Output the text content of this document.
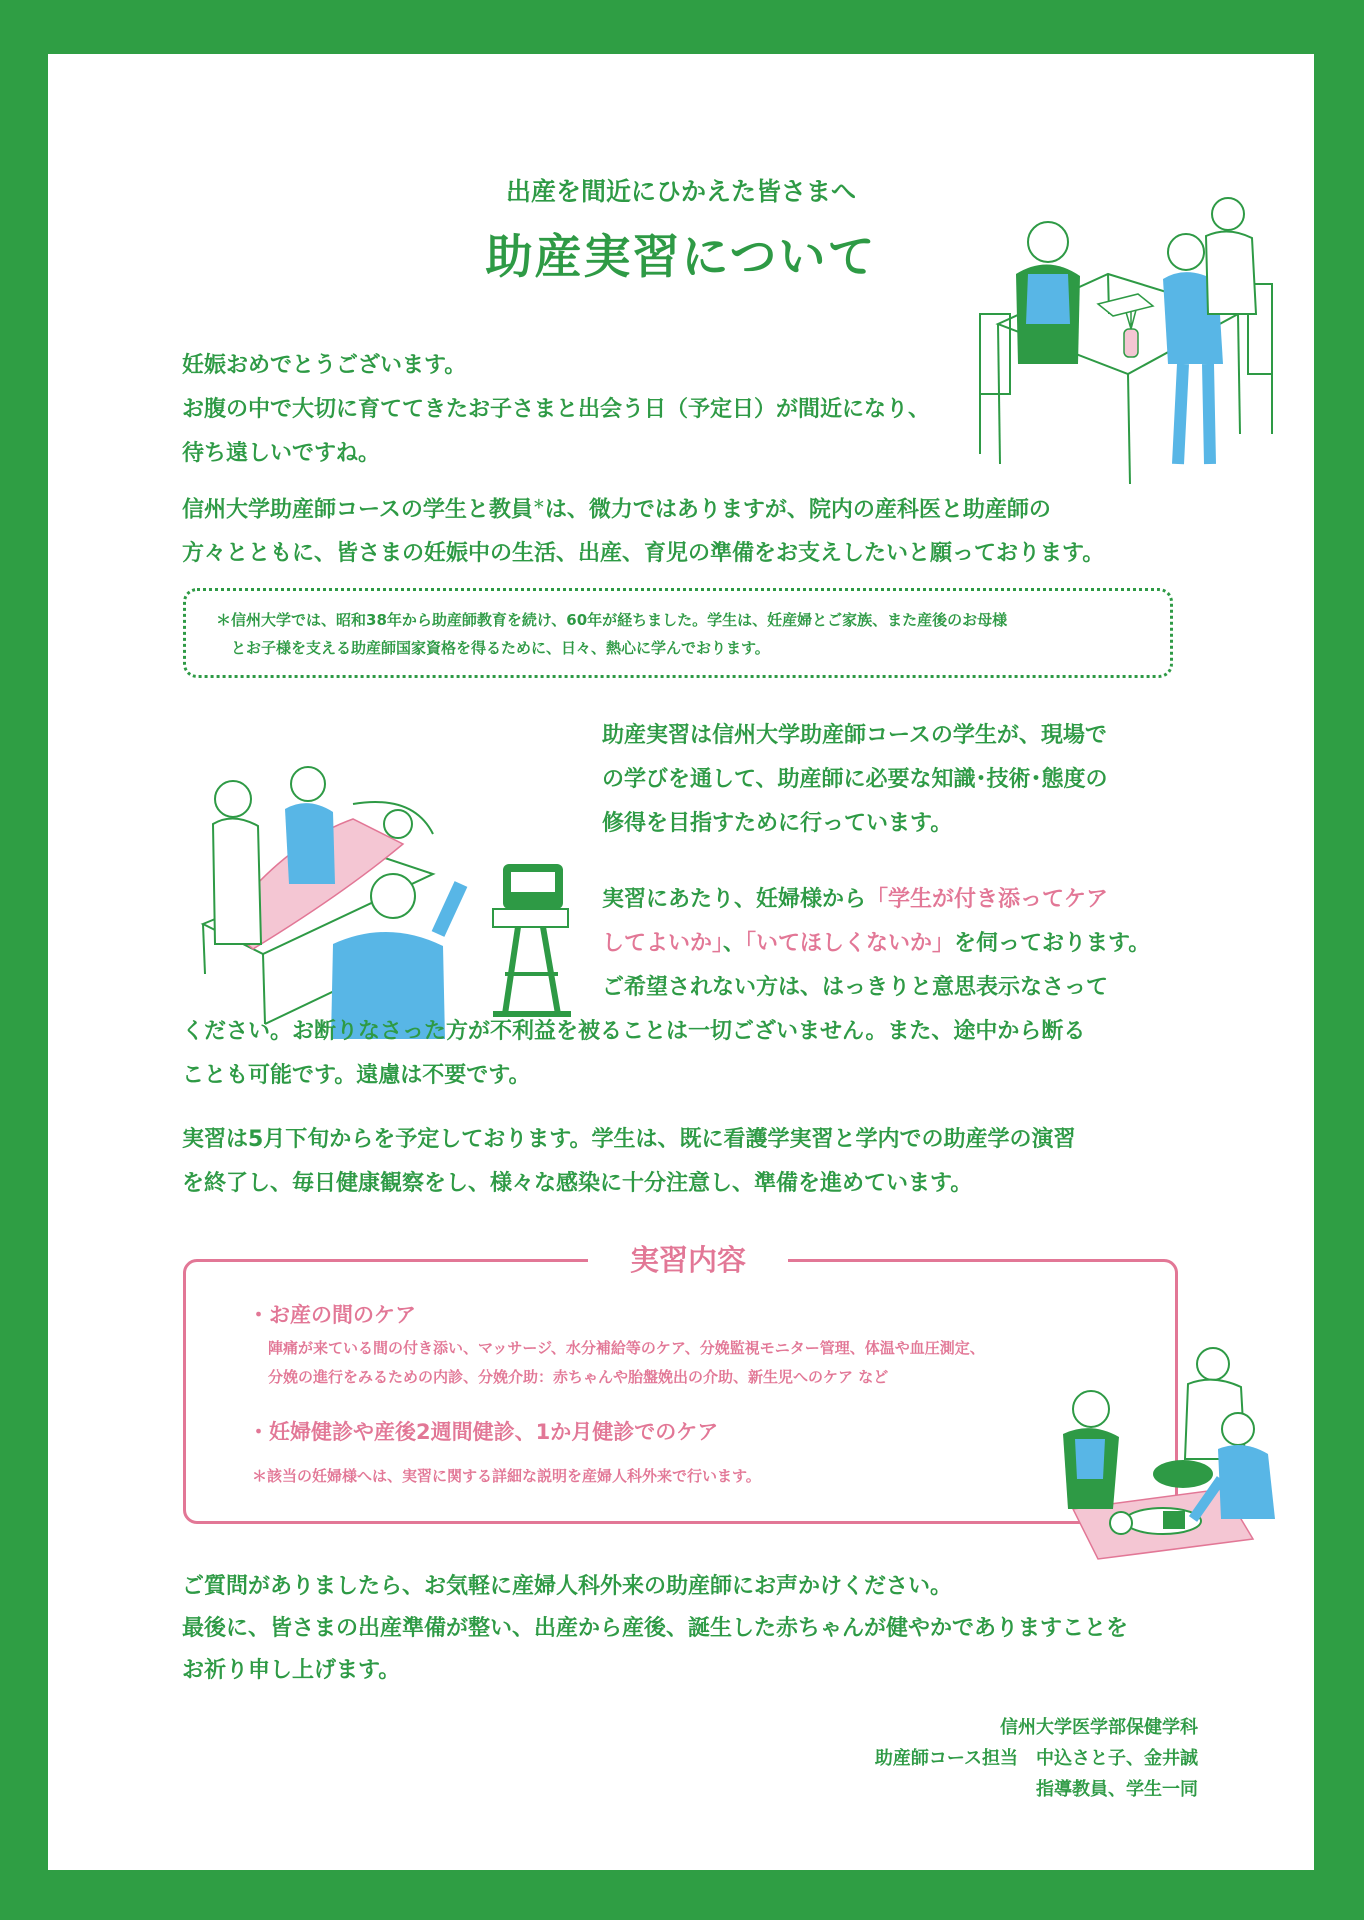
出産を間近にひかえた皆さまへ
助産実習について
妊娠おめでとうございます。
お腹の中で大切に育ててきたお子さまと出会う日（予定日）が間近になり、
待ち遠しいですね。
信州大学助産師コースの学生と教員＊は、微力ではありますが、院内の産科医と助産師の
方々とともに、皆さまの妊娠中の生活、出産、育児の準備をお支えしたいと願っております。
＊信州大学では、昭和38年から助産師教育を続け、60年が経ちました。学生は、妊産婦とご家族、また産後のお母様
　とお子様を支える助産師国家資格を得るために、日々、熱心に学んでおります。
助産実習は信州大学助産師コースの学生が、現場で
の学びを通して、助産師に必要な知識･技術･態度の
修得を目指すために行っています。
実習にあたり、妊婦様から「学生が付き添ってケア
してよいか」、「いてほしくないか」を伺っております。
ご希望されない方は、はっきりと意思表示なさって
ください。お断りなさった方が不利益を被ることは一切ございません。また、途中から断る
ことも可能です。遠慮は不要です。
実習は5月下旬からを予定しております。学生は、既に看護学実習と学内での助産学の演習
を終了し、毎日健康観察をし、様々な感染に十分注意し、準備を進めています。
実習内容
・お産の間のケア
陣痛が来ている間の付き添い、マッサージ、水分補給等のケア、分娩監視モニター管理、体温や血圧測定、
分娩の進行をみるための内診、分娩介助：赤ちゃんや胎盤娩出の介助、新生児へのケア など
・妊婦健診や産後2週間健診、1か月健診でのケア
＊該当の妊婦様へは、実習に関する詳細な説明を産婦人科外来で行います。
ご質問がありましたら、お気軽に産婦人科外来の助産師にお声かけください。
最後に、皆さまの出産準備が整い、出産から産後、誕生した赤ちゃんが健やかでありますことを
お祈り申し上げます。
信州大学医学部保健学科
助産師コース担当　中込さと子、金井誠
指導教員、学生一同
